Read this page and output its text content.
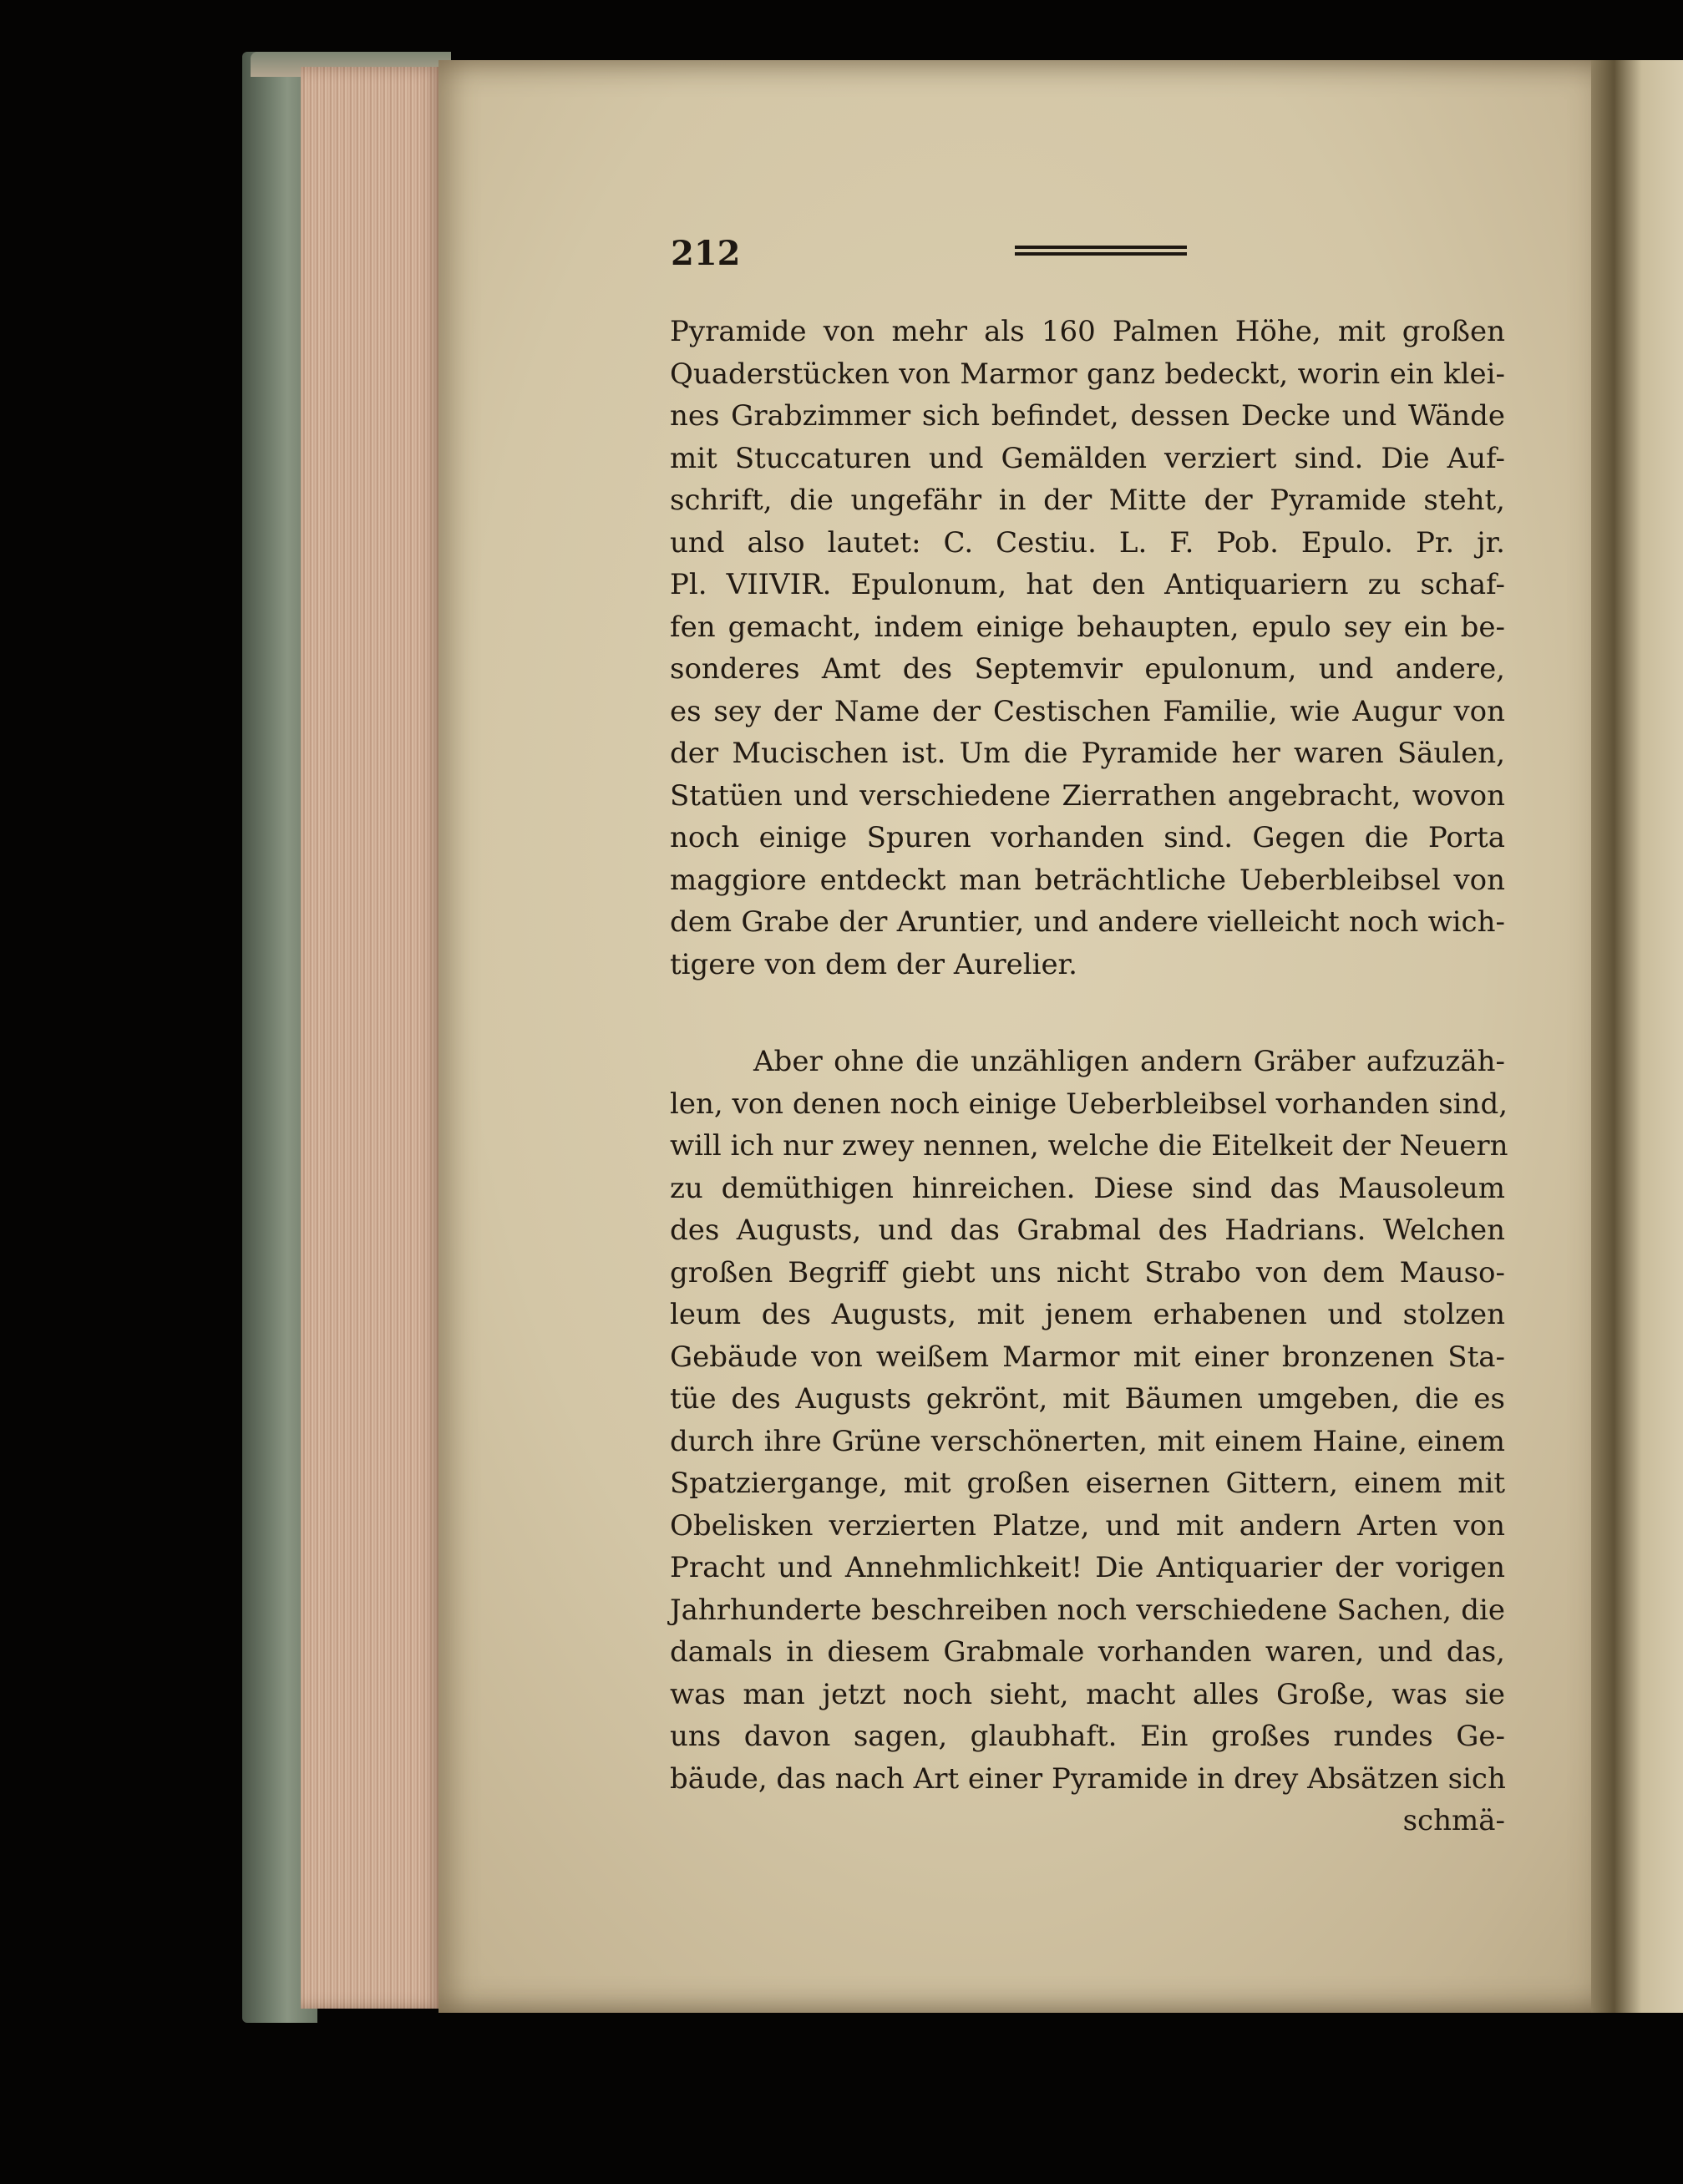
212
Pyramide von mehr als 160 Palmen Höhe, mit großen
Quaderstücken von Marmor ganz bedeckt, worin ein klei-
nes Grabzimmer sich befindet, dessen Decke und Wände
mit Stuccaturen und Gemälden verziert sind. Die Auf-
schrift, die ungefähr in der Mitte der Pyramide steht,
und also lautet: C. Cestiu. L. F. Pob. Epulo. Pr. jr.
Pl. VIIVIR. Epulonum, hat den Antiquariern zu schaf-
fen gemacht, indem einige behaupten, epulo sey ein be-
sonderes Amt des Septemvir epulonum, und andere,
es sey der Name der Cestischen Familie, wie Augur von
der Mucischen ist. Um die Pyramide her waren Säulen,
Statüen und verschiedene Zierrathen angebracht, wovon
noch einige Spuren vorhanden sind. Gegen die Porta
maggiore entdeckt man beträchtliche Ueberbleibsel von
dem Grabe der Aruntier, und andere vielleicht noch wich-
tigere von dem der Aurelier.
Aber ohne die unzähligen andern Gräber aufzuzäh-
len, von denen noch einige Ueberbleibsel vorhanden sind,
will ich nur zwey nennen, welche die Eitelkeit der Neuern
zu demüthigen hinreichen. Diese sind das Mausoleum
des Augusts, und das Grabmal des Hadrians. Welchen
großen Begriff giebt uns nicht Strabo von dem Mauso-
leum des Augusts, mit jenem erhabenen und stolzen
Gebäude von weißem Marmor mit einer bronzenen Sta-
tüe des Augusts gekrönt, mit Bäumen umgeben, die es
durch ihre Grüne verschönerten, mit einem Haine, einem
Spatziergange, mit großen eisernen Gittern, einem mit
Obelisken verzierten Platze, und mit andern Arten von
Pracht und Annehmlichkeit! Die Antiquarier der vorigen
Jahrhunderte beschreiben noch verschiedene Sachen, die
damals in diesem Grabmale vorhanden waren, und das,
was man jetzt noch sieht, macht alles Große, was sie
uns davon sagen, glaubhaft. Ein großes rundes Ge-
bäude, das nach Art einer Pyramide in drey Absätzen sich
schmä-
